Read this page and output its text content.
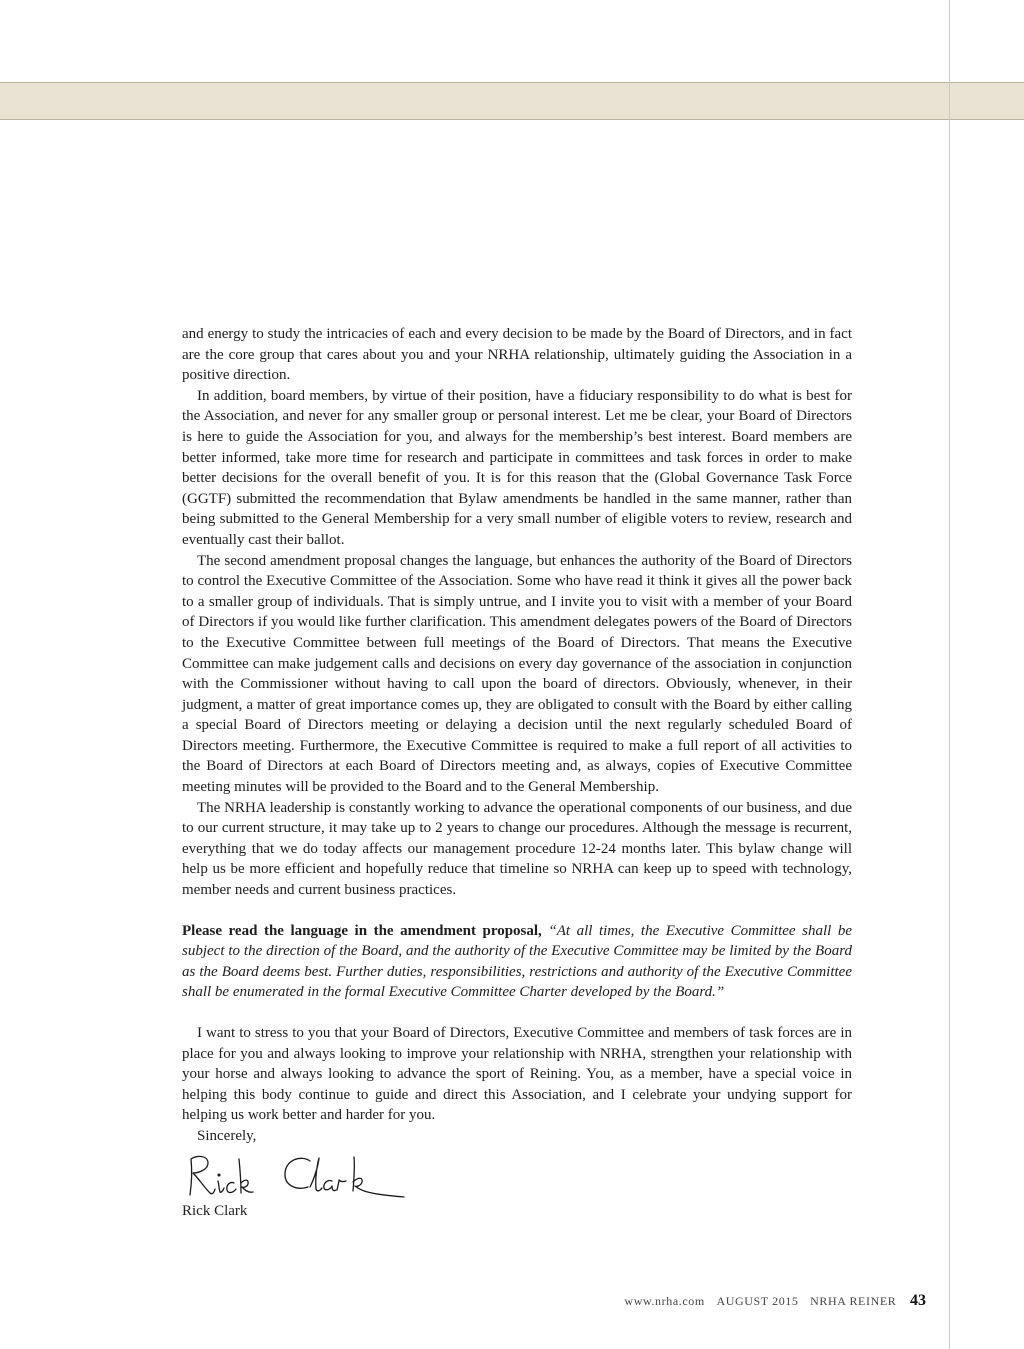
and energy to study the intricacies of each and every decision to be made by the Board of Directors, and in fact are the core group that cares about you and your NRHA relationship, ultimately guiding the Association in a positive direction.

In addition, board members, by virtue of their position, have a fiduciary responsibility to do what is best for the Association, and never for any smaller group or personal interest. Let me be clear, your Board of Directors is here to guide the Association for you, and always for the membership’s best interest. Board members are better informed, take more time for research and participate in committees and task forces in order to make better decisions for the overall benefit of you. It is for this reason that the (Global Governance Task Force (GGTF) submitted the recommendation that Bylaw amendments be handled in the same manner, rather than being submitted to the General Membership for a very small number of eligible voters to review, research and eventually cast their ballot.

The second amendment proposal changes the language, but enhances the authority of the Board of Directors to control the Executive Committee of the Association. Some who have read it think it gives all the power back to a smaller group of individuals. That is simply untrue, and I invite you to visit with a member of your Board of Directors if you would like further clarification. This amendment delegates powers of the Board of Directors to the Executive Committee between full meetings of the Board of Directors. That means the Executive Committee can make judgement calls and decisions on every day governance of the association in conjunction with the Commissioner without having to call upon the board of directors. Obviously, whenever, in their judgment, a matter of great importance comes up, they are obligated to consult with the Board by either calling a special Board of Directors meeting or delaying a decision until the next regularly scheduled Board of Directors meeting. Furthermore, the Executive Committee is required to make a full report of all activities to the Board of Directors at each Board of Directors meeting and, as always, copies of Executive Committee meeting minutes will be provided to the Board and to the General Membership.

The NRHA leadership is constantly working to advance the operational components of our business, and due to our current structure, it may take up to 2 years to change our procedures. Although the message is recurrent, everything that we do today affects our management procedure 12-24 months later. This bylaw change will help us be more efficient and hopefully reduce that timeline so NRHA can keep up to speed with technology, member needs and current business practices.

Please read the language in the amendment proposal, “At all times, the Executive Committee shall be subject to the direction of the Board, and the authority of the Executive Committee may be limited by the Board as the Board deems best. Further duties, responsibilities, restrictions and authority of the Executive Committee shall be enumerated in the formal Executive Committee Charter developed by the Board.”

I want to stress to you that your Board of Directors, Executive Committee and members of task forces are in place for you and always looking to improve your relationship with NRHA, strengthen your relationship with your horse and always looking to advance the sport of Reining. You, as a member, have a special voice in helping this body continue to guide and direct this Association, and I celebrate your undying support for helping us work better and harder for you.

Sincerely,

Rick Clark

Rick Clark

www.nrha.com AUGUST 2015 NRHA REINER 43
